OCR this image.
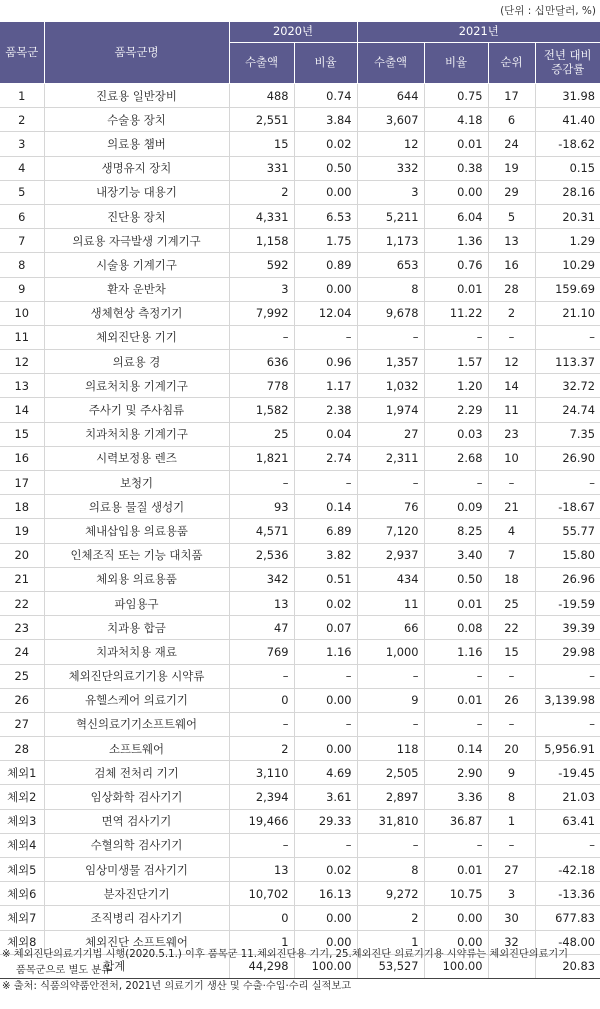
(단위 : 십만달러, %)
품목군	품목군명	2020년		2021년			
		수출액	비율	수출액	비율	순위	전년 대비
증감률
1	진료용 일반장비	488	0.74	644	0.75	17	31.98
2	수술용 장치	2,551	3.84	3,607	4.18	6	41.40
3	의료용 챔버	15	0.02	12	0.01	24	-18.62
4	생명유지 장치	331	0.50	332	0.38	19	0.15
5	내장기능 대용기	2	0.00	3	0.00	29	28.16
6	진단용 장치	4,331	6.53	5,211	6.04	5	20.31
7	의료용 자극발생 기계기구	1,158	1.75	1,173	1.36	13	1.29
8	시술용 기계기구	592	0.89	653	0.76	16	10.29
9	환자 운반차	3	0.00	8	0.01	28	159.69
10	생체현상 측정기기	7,992	12.04	9,678	11.22	2	21.10
11	체외진단용 기기	–	–	–	–	–	–
12	의료용 경	636	0.96	1,357	1.57	12	113.37
13	의료처치용 기계기구	778	1.17	1,032	1.20	14	32.72
14	주사기 및 주사침류	1,582	2.38	1,974	2.29	11	24.74
15	치과처치용 기계기구	25	0.04	27	0.03	23	7.35
16	시력보정용 렌즈	1,821	2.74	2,311	2.68	10	26.90
17	보청기	–	–	–	–	–	–
18	의료용 물질 생성기	93	0.14	76	0.09	21	-18.67
19	체내삽입용 의료용품	4,571	6.89	7,120	8.25	4	55.77
20	인체조직 또는 기능 대치품	2,536	3.82	2,937	3.40	7	15.80
21	체외용 의료용품	342	0.51	434	0.50	18	26.96
22	파임용구	13	0.02	11	0.01	25	-19.59
23	치과용 합금	47	0.07	66	0.08	22	39.39
24	치과처치용 재료	769	1.16	1,000	1.16	15	29.98
25	체외진단의료기기용 시약류	–	–	–	–	–	–
26	유헬스케어 의료기기	0	0.00	9	0.01	26	3,139.98
27	혁신의료기기소프트웨어	–	–	–	–	–	–
28	소프트웨어	2	0.00	118	0.14	20	5,956.91
체외1	검체 전처리 기기	3,110	4.69	2,505	2.90	9	-19.45
체외2	임상화학 검사기기	2,394	3.61	2,897	3.36	8	21.03
체외3	면역 검사기기	19,466	29.33	31,810	36.87	1	63.41
체외4	수혈의학 검사기기	–	–	–	–	–	–
체외5	임상미생물 검사기기	13	0.02	8	0.01	27	-42.18
체외6	분자진단기기	10,702	16.13	9,272	10.75	3	-13.36
체외7	조직병리 검사기기	0	0.00	2	0.00	30	677.83
체외8	체외진단 소프트웨어	1	0.00	1	0.00	32	-48.00
합계		44,298	100.00	53,527	100.00		20.83
※ 체외진단의료기기법 시행(2020.5.1.) 이후 품목군 11.체외진단용 기기, 25.체외진단 의료기기용 시약류는 체외진단의료기기
품목군으로 별도 분류
※ 출처: 식품의약품안전처, 2021년 의료기기 생산 및 수출·수입·수리 실적보고
